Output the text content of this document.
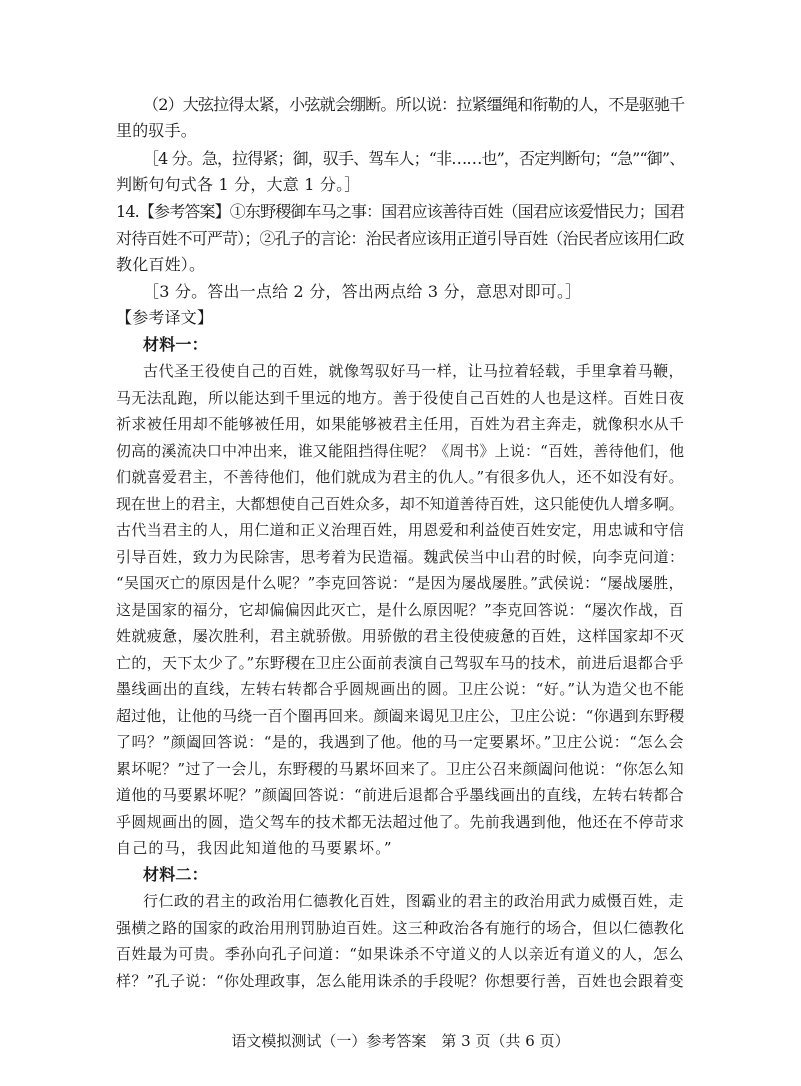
（2）大弦拉得太紧，小弦就会绷断。所以说：拉紧缰绳和衔勒的人，不是驱驰千
里的驭手。
［4 分。急，拉得紧；御，驭手、驾车人；“非……也”，否定判断句；“急”“御”、
判断句句式各 1 分，大意 1 分。］
14.【参考答案】①东野稷御车马之事：国君应该善待百姓（国君应该爱惜民力；国君
对待百姓不可严苛）；②孔子的言论：治民者应该用正道引导百姓（治民者应该用仁政
教化百姓）。
［3 分。答出一点给 2 分，答出两点给 3 分，意思对即可。］
【参考译文】
材料一：
古代圣王役使自己的百姓，就像驾驭好马一样，让马拉着轻载，手里拿着马鞭，
马无法乱跑，所以能达到千里远的地方。善于役使自己百姓的人也是这样。百姓日夜
祈求被任用却不能够被任用，如果能够被君主任用，百姓为君主奔走，就像积水从千
仞高的溪流决口中冲出来，谁又能阻挡得住呢？《周书》上说：“百姓，善待他们，他
们就喜爱君主，不善待他们，他们就成为君主的仇人。”有很多仇人，还不如没有好。
现在世上的君主，大都想使自己百姓众多，却不知道善待百姓，这只能使仇人增多啊。
古代当君主的人，用仁道和正义治理百姓，用恩爱和利益使百姓安定，用忠诚和守信
引导百姓，致力为民除害，思考着为民造福。魏武侯当中山君的时候，向李克问道：
“吴国灭亡的原因是什么呢？”李克回答说：“是因为屡战屡胜。”武侯说：“屡战屡胜，
这是国家的福分，它却偏偏因此灭亡，是什么原因呢？”李克回答说：“屡次作战，百
姓就疲惫，屡次胜利，君主就骄傲。用骄傲的君主役使疲惫的百姓，这样国家却不灭
亡的，天下太少了。”东野稷在卫庄公面前表演自己驾驭车马的技术，前进后退都合乎
墨线画出的直线，左转右转都合乎圆规画出的圆。卫庄公说：“好。”认为造父也不能
超过他，让他的马绕一百个圈再回来。颜阖来谒见卫庄公，卫庄公说：“你遇到东野稷
了吗？”颜阖回答说：“是的，我遇到了他。他的马一定要累坏。”卫庄公说：“怎么会
累坏呢？”过了一会儿，东野稷的马累坏回来了。卫庄公召来颜阖问他说：“你怎么知
道他的马要累坏呢？”颜阖回答说：“前进后退都合乎墨线画出的直线，左转右转都合
乎圆规画出的圆，造父驾车的技术都无法超过他了。先前我遇到他，他还在不停苛求
自己的马，我因此知道他的马要累坏。”
材料二：
行仁政的君主的政治用仁德教化百姓，图霸业的君主的政治用武力威慑百姓，走
强横之路的国家的政治用刑罚胁迫百姓。这三种政治各有施行的场合，但以仁德教化
百姓最为可贵。季孙向孔子问道：“如果诛杀不守道义的人以亲近有道义的人，怎么
样？”孔子说：“你处理政事，怎么能用诛杀的手段呢？你想要行善，百姓也会跟着变
语文模拟测试（一）参考答案　第 3 页（共 6 页）
